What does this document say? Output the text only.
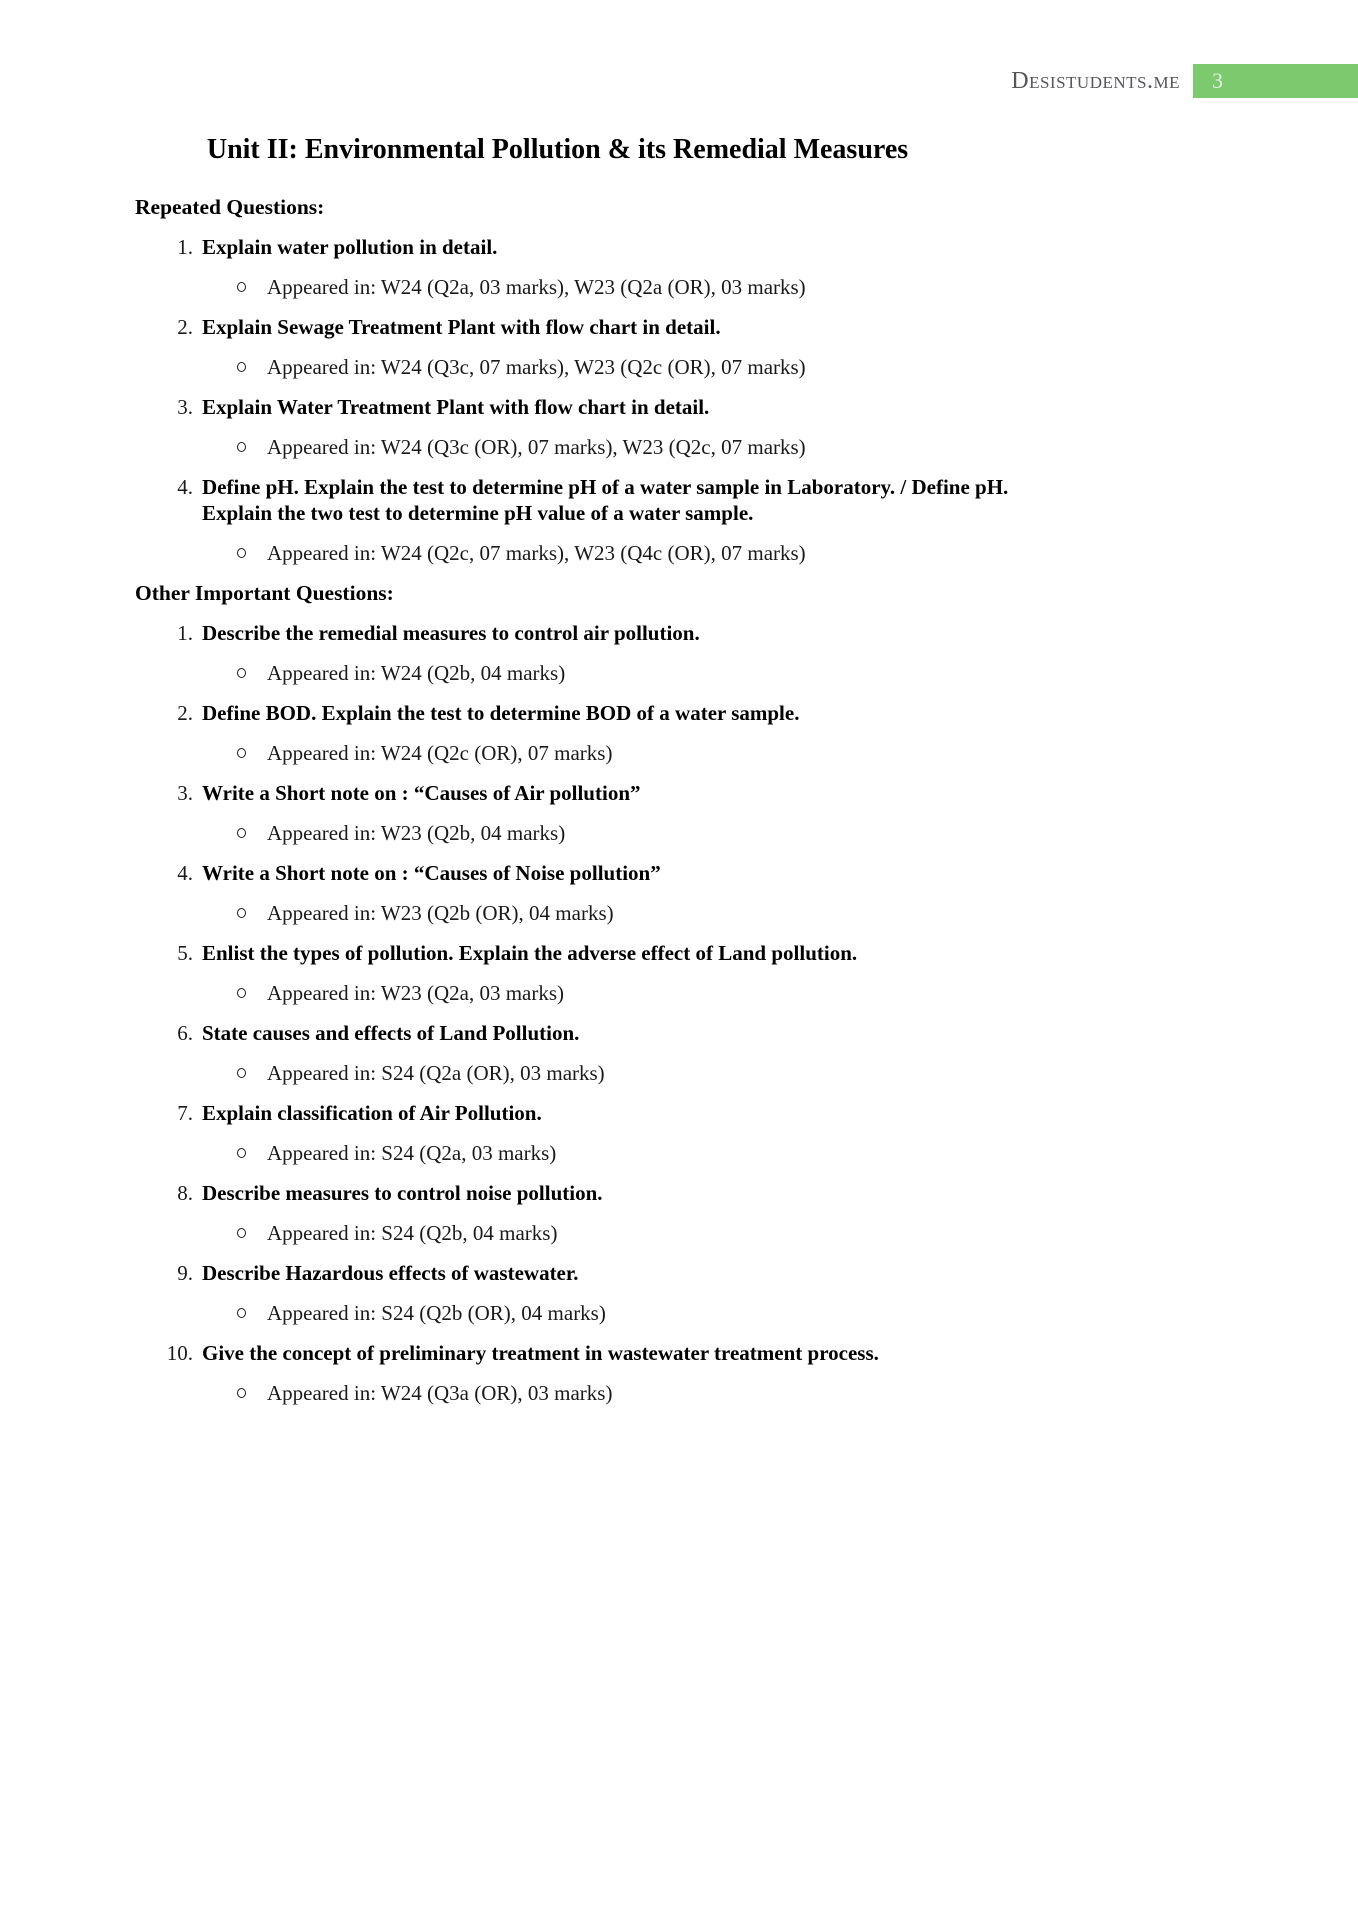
Desistudents.me	3
Unit II: Environmental Pollution & its Remedial Measures
Repeated Questions:
1. Explain water pollution in detail.
Appeared in: W24 (Q2a, 03 marks), W23 (Q2a (OR), 03 marks)
2. Explain Sewage Treatment Plant with flow chart in detail.
Appeared in: W24 (Q3c, 07 marks), W23 (Q2c (OR), 07 marks)
3. Explain Water Treatment Plant with flow chart in detail.
Appeared in: W24 (Q3c (OR), 07 marks), W23 (Q2c, 07 marks)
4. Define pH. Explain the test to determine pH of a water sample in Laboratory. / Define pH. Explain the two test to determine pH value of a water sample.
Appeared in: W24 (Q2c, 07 marks), W23 (Q4c (OR), 07 marks)
Other Important Questions:
1. Describe the remedial measures to control air pollution.
Appeared in: W24 (Q2b, 04 marks)
2. Define BOD. Explain the test to determine BOD of a water sample.
Appeared in: W24 (Q2c (OR), 07 marks)
3. Write a Short note on : “Causes of Air pollution”
Appeared in: W23 (Q2b, 04 marks)
4. Write a Short note on : “Causes of Noise pollution”
Appeared in: W23 (Q2b (OR), 04 marks)
5. Enlist the types of pollution. Explain the adverse effect of Land pollution.
Appeared in: W23 (Q2a, 03 marks)
6. State causes and effects of Land Pollution.
Appeared in: S24 (Q2a (OR), 03 marks)
7. Explain classification of Air Pollution.
Appeared in: S24 (Q2a, 03 marks)
8. Describe measures to control noise pollution.
Appeared in: S24 (Q2b, 04 marks)
9. Describe Hazardous effects of wastewater.
Appeared in: S24 (Q2b (OR), 04 marks)
10. Give the concept of preliminary treatment in wastewater treatment process.
Appeared in: W24 (Q3a (OR), 03 marks)
